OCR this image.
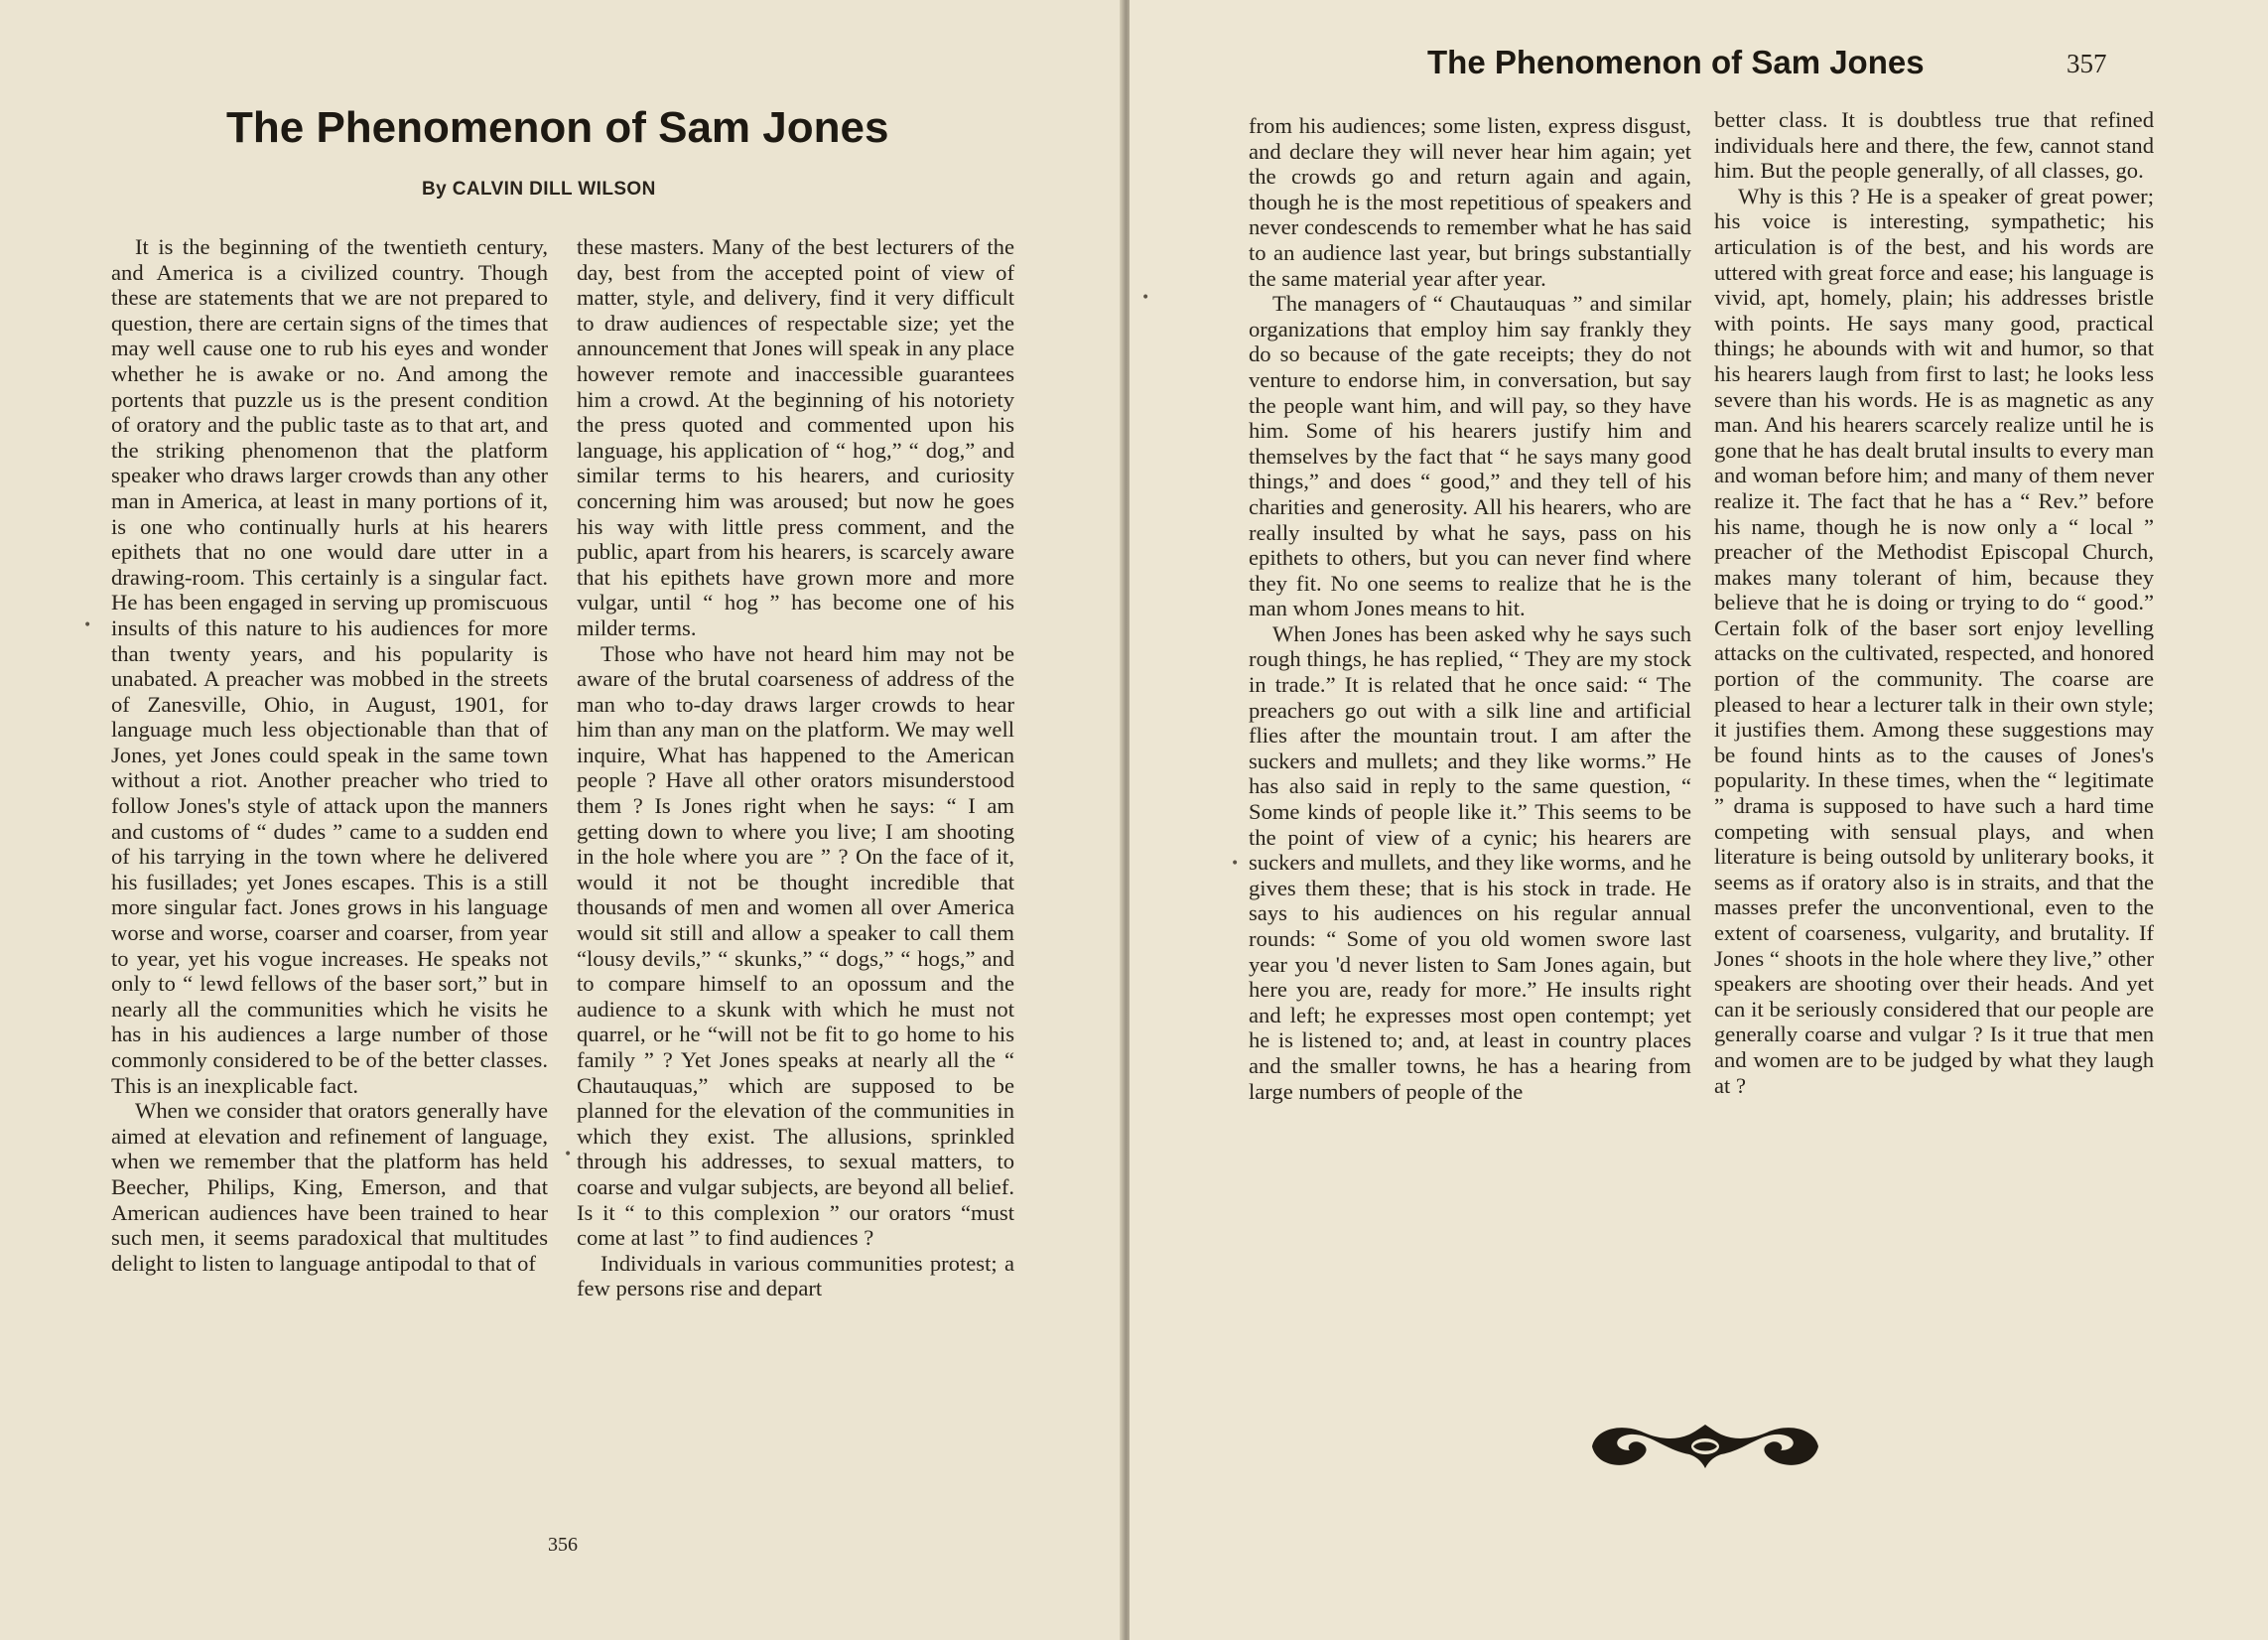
The Phenomenon of Sam Jones
By CALVIN DILL WILSON

It is the beginning of the twentieth century, and America is a civilized country. Though these are statements that we are not prepared to question, there are certain signs of the times that may well cause one to rub his eyes and wonder whether he is awake or no. And among the portents that puzzle us is the present condition of oratory and the public taste as to that art, and the striking phenomenon that the platform speaker who draws larger crowds than any other man in America, at least in many portions of it, is one who continually hurls at his hearers epithets that no one would dare utter in a drawing-room. This certainly is a singular fact. He has been engaged in serving up promiscuous insults of this nature to his audiences for more than twenty years, and his popularity is unabated. A preacher was mobbed in the streets of Zanesville, Ohio, in August, 1901, for language much less objectionable than that of Jones, yet Jones could speak in the same town without a riot. Another preacher who tried to follow Jones's style of attack upon the manners and customs of “ dudes ” came to a sudden end of his tarrying in the town where he delivered his fusillades; yet Jones escapes. This is a still more singular fact. Jones grows in his language worse and worse, coarser and coarser, from year to year, yet his vogue increases. He speaks not only to “ lewd fellows of the baser sort,” but in nearly all the communities which he visits he has in his audiences a large number of those commonly considered to be of the better classes. This is an inexplicable fact.

When we consider that orators generally have aimed at elevation and refinement of language, when we remember that the platform has held Beecher, Philips, King, Emerson, and that American audiences have been trained to hear such men, it seems paradoxical that multitudes delight to listen to language antipodal to that of

these masters. Many of the best lecturers of the day, best from the accepted point of view of matter, style, and delivery, find it very difficult to draw audiences of respectable size; yet the announcement that Jones will speak in any place however remote and inaccessible guarantees him a crowd. At the beginning of his notoriety the press quoted and commented upon his language, his application of “ hog,” “ dog,” and similar terms to his hearers, and curiosity concerning him was aroused; but now he goes his way with little press comment, and the public, apart from his hearers, is scarcely aware that his epithets have grown more and more vulgar, until “ hog ” has become one of his milder terms.

Those who have not heard him may not be aware of the brutal coarseness of address of the man who to-day draws larger crowds to hear him than any man on the platform. We may well inquire, What has happened to the American people ? Have all other orators misunderstood them ? Is Jones right when he says: “ I am getting down to where you live; I am shooting in the hole where you are ” ? On the face of it, would it not be thought incredible that thousands of men and women all over America would sit still and allow a speaker to call them “lousy devils,” “ skunks,” “ dogs,” “ hogs,” and to compare himself to an opossum and the audience to a skunk with which he must not quarrel, or he “will not be fit to go home to his family ” ? Yet Jones speaks at nearly all the “ Chautauquas,” which are supposed to be planned for the elevation of the communities in which they exist. The allusions, sprinkled through his addresses, to sexual matters, to coarse and vulgar subjects, are beyond all belief. Is it “ to this complexion ” our orators “must come at last ” to find audiences ?

Individuals in various communities protest; a few persons rise and depart

356
•
•
The Phenomenon of Sam Jones	357

from his audiences; some listen, express disgust, and declare they will never hear him again; yet the crowds go and return again and again, though he is the most repetitious of speakers and never condescends to remember what he has said to an audience last year, but brings substantially the same material year after year.

The managers of “ Chautauquas ” and similar organizations that employ him say frankly they do so because of the gate receipts; they do not venture to endorse him, in conversation, but say the people want him, and will pay, so they have him. Some of his hearers justify him and themselves by the fact that “ he says many good things,” and does “ good,” and they tell of his charities and generosity. All his hearers, who are really insulted by what he says, pass on his epithets to others, but you can never find where they fit. No one seems to realize that he is the man whom Jones means to hit.

When Jones has been asked why he says such rough things, he has replied, “ They are my stock in trade.” It is related that he once said: “ The preachers go out with a silk line and artificial flies after the mountain trout. I am after the suckers and mullets; and they like worms.” He has also said in reply to the same question, “ Some kinds of people like it.” This seems to be the point of view of a cynic; his hearers are suckers and mullets, and they like worms, and he gives them these; that is his stock in trade. He says to his audiences on his regular annual rounds: “ Some of you old women swore last year you 'd never listen to Sam Jones again, but here you are, ready for more.” He insults right and left; he expresses most open contempt; yet he is listened to; and, at least in country places and the smaller towns, he has a hearing from large numbers of people of the

better class. It is doubtless true that refined individuals here and there, the few, cannot stand him. But the people generally, of all classes, go.

Why is this ? He is a speaker of great power; his voice is interesting, sympathetic; his articulation is of the best, and his words are uttered with great force and ease; his language is vivid, apt, homely, plain; his addresses bristle with points. He says many good, practical things; he abounds with wit and humor, so that his hearers laugh from first to last; he looks less severe than his words. He is as magnetic as any man. And his hearers scarcely realize until he is gone that he has dealt brutal insults to every man and woman before him; and many of them never realize it. The fact that he has a “ Rev.” before his name, though he is now only a “ local ” preacher of the Methodist Episcopal Church, makes many tolerant of him, because they believe that he is doing or trying to do “ good.” Certain folk of the baser sort enjoy levelling attacks on the cultivated, respected, and honored portion of the community. The coarse are pleased to hear a lecturer talk in their own style; it justifies them. Among these suggestions may be found hints as to the causes of Jones's popularity. In these times, when the “ legitimate ” drama is supposed to have such a hard time competing with sensual plays, and when literature is being outsold by unliterary books, it seems as if oratory also is in straits, and that the masses prefer the unconventional, even to the extent of coarseness, vulgarity, and brutality. If Jones “ shoots in the hole where they live,” other speakers are shooting over their heads. And yet can it be seriously considered that our people are generally coarse and vulgar ? Is it true that men and women are to be judged by what they laugh at ?

•
•
